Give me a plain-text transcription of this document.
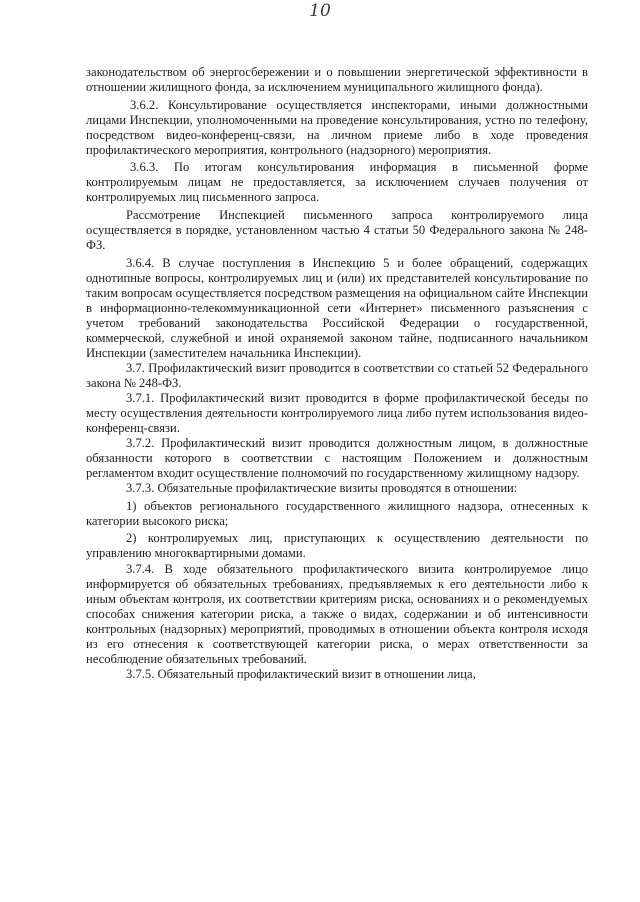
10

законодательством об энергосбережении и о повышении энергетической эффективности в отношении жилищного фонда, за исключением муниципального жилищного фонда).

3.6.2. Консультирование осуществляется инспекторами, иными должностными лицами Инспекции, уполномоченными на проведение консультирования, устно по телефону, посредством видео-конференц-связи, на личном приеме либо в ходе проведения профилактического мероприятия, контрольного (надзорного) мероприятия.

3.6.3. По итогам консультирования информация в письменной форме контролируемым лицам не предоставляется, за исключением случаев получения от контролируемых лиц письменного запроса.

Рассмотрение Инспекцией письменного запроса контролируемого лица осуществляется в порядке, установленном частью 4 статьи 50 Федерального закона № 248-ФЗ.

3.6.4. В случае поступления в Инспекцию 5 и более обращений, содержащих однотипные вопросы, контролируемых лиц и (или) их представителей консультирование по таким вопросам осуществляется посредством размещения на официальном сайте Инспекции в информационно-телекоммуникационной сети «Интернет» письменного разъяснения с учетом требований законодательства Российской Федерации о государственной, коммерческой, служебной и иной охраняемой законом тайне, подписанного начальником Инспекции (заместителем начальника Инспекции).

3.7. Профилактический визит проводится в соответствии со статьей 52 Федерального закона № 248-ФЗ.

3.7.1. Профилактический визит проводится в форме профилактической беседы по месту осуществления деятельности контролируемого лица либо путем использования видео-конференц-связи.

3.7.2. Профилактический визит проводится должностным лицом, в должностные обязанности которого в соответствии с настоящим Положением и должностным регламентом входит осуществление полномочий по государственному жилищному надзору.

3.7.3. Обязательные профилактические визиты проводятся в отношении:

1) объектов регионального государственного жилищного надзора, отнесенных к категории высокого риска;

2) контролируемых лиц, приступающих к осуществлению деятельности по управлению многоквартирными домами.

3.7.4. В ходе обязательного профилактического визита контролируемое лицо информируется об обязательных требованиях, предъявляемых к его деятельности либо к иным объектам контроля, их соответствии критериям риска, основаниях и о рекомендуемых способах снижения категории риска, а также о видах, содержании и об интенсивности контрольных (надзорных) мероприятий, проводимых в отношении объекта контроля исходя из его отнесения к соответствующей категории риска, о мерах ответственности за несоблюдение обязательных требований.

3.7.5. Обязательный профилактический визит в отношении лица,
